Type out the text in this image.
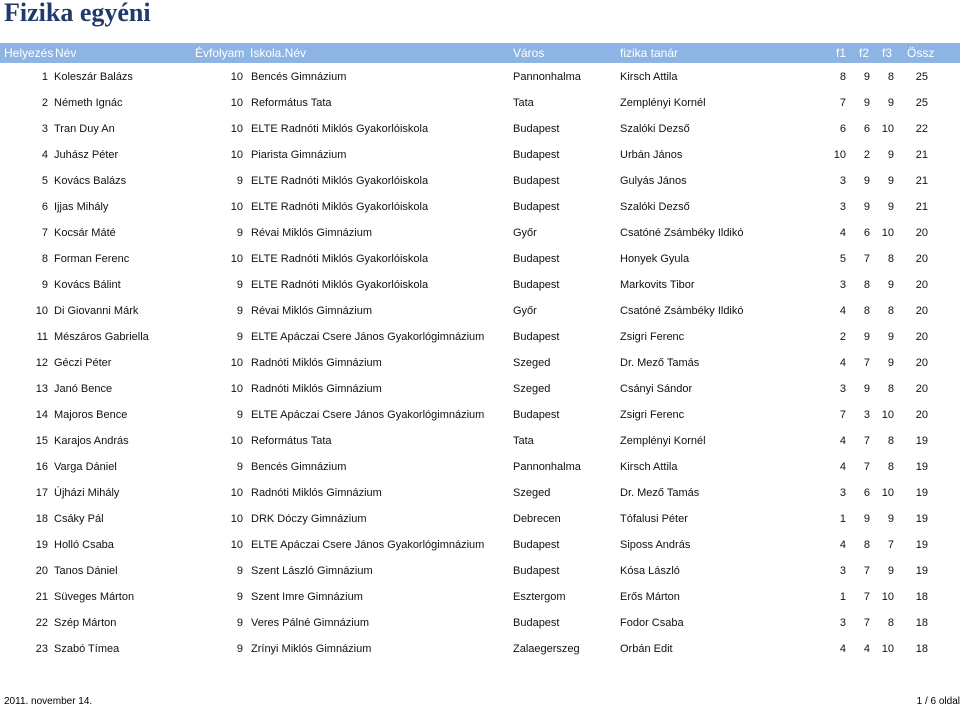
Fizika egyéni
Helyezés Név	Évfolyam Iskola.Név	Város	fizika tanár	f1 f2 f3 Össz
1 Koleszár Balázs	10 Bencés Gimnázium	Pannonhalma	Kirsch Attila	8	9	8	25
2 Németh Ignác	10 Református Tata	Tata	Zemplényi Kornél	7	9	9	25
3 Tran Duy An	10 ELTE Radnóti Miklós Gyakorlóiskola	Budapest	Szalóki Dezső	6	6	10	22
4 Juhász Péter	10 Piarista Gimnázium	Budapest	Urbán János	10	2	9	21
5 Kovács Balázs	9 ELTE Radnóti Miklós Gyakorlóiskola	Budapest	Gulyás János	3	9	9	21
6 Ijjas Mihály	10 ELTE Radnóti Miklós Gyakorlóiskola	Budapest	Szalóki Dezső	3	9	9	21
7 Kocsár Máté	9 Révai Miklós Gimnázium	Győr	Csatóné Zsámbéky Ildikó	4	6	10	20
8 Forman Ferenc	10 ELTE Radnóti Miklós Gyakorlóiskola	Budapest	Honyek Gyula	5	7	8	20
9 Kovács Bálint	9 ELTE Radnóti Miklós Gyakorlóiskola	Budapest	Markovits Tibor	3	8	9	20
10 Di Giovanni Márk	9 Révai Miklós Gimnázium	Győr	Csatóné Zsámbéky Ildikó	4	8	8	20
11 Mészáros Gabriella	9 ELTE Apáczai Csere János Gyakorlógimnázium	Budapest	Zsigri Ferenc	2	9	9	20
12 Géczi Péter	10 Radnóti Miklós Gimnázium	Szeged	Dr. Mező Tamás	4	7	9	20
13 Janó Bence	10 Radnóti Miklós Gimnázium	Szeged	Csányi Sándor	3	9	8	20
14 Majoros Bence	9 ELTE Apáczai Csere János Gyakorlógimnázium	Budapest	Zsigri Ferenc	7	3	10	20
15 Karajos András	10 Református Tata	Tata	Zemplényi Kornél	4	7	8	19
16 Varga Dániel	9 Bencés Gimnázium	Pannonhalma	Kirsch Attila	4	7	8	19
17 Újházi Mihály	10 Radnóti Miklós Gimnázium	Szeged	Dr. Mező Tamás	3	6	10	19
18 Csáky Pál	10 DRK Dóczy Gimnázium	Debrecen	Tófalusi Péter	1	9	9	19
19 Holló Csaba	10 ELTE Apáczai Csere János Gyakorlógimnázium	Budapest	Siposs András	4	8	7	19
20 Tanos Dániel	9 Szent László Gimnázium	Budapest	Kósa László	3	7	9	19
21 Süveges Márton	9 Szent Imre Gimnázium	Esztergom	Erős Márton	1	7	10	18
22 Szép Márton	9 Veres Pálné Gimnázium	Budapest	Fodor Csaba	3	7	8	18
23 Szabó Tímea	9 Zrínyi Miklós Gimnázium	Zalaegerszeg	Orbán Edit	4	4	10	18
2011. november 14.	1 / 6 oldal
